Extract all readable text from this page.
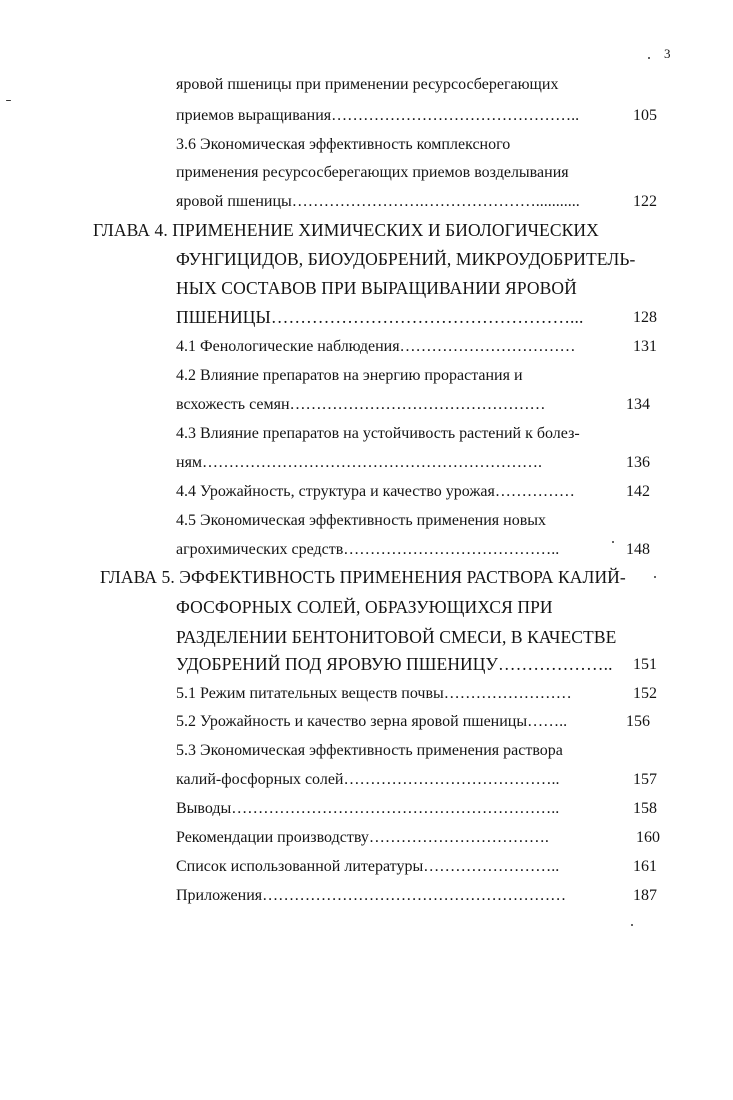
3
яровой пшеницы при применении ресурсосберегающих
приемов выращивания………………………………………..	105
3.6 Экономическая эффективность комплексного
применения ресурсосберегающих приемов возделывания
яровой пшеницы…………………….…………………...........	122
ГЛАВА 4. ПРИМЕНЕНИЕ ХИМИЧЕСКИХ И БИОЛОГИЧЕСКИХ
ФУНГИЦИДОВ, БИОУДОБРЕНИЙ, МИКРОУДОБРИТЕЛЬ-
НЫХ СОСТАВОВ ПРИ ВЫРАЩИВАНИИ ЯРОВОЙ
ПШЕНИЦЫ……………………………………………...	128
4.1 Фенологические наблюдения……………………………	131
4.2 Влияние препаратов на энергию прорастания и
всхожесть семян…………………………………………	134
4.3 Влияние препаратов на устойчивость растений к болез-
ням……………………………………………………….	136
4.4 Урожайность, структура и качество урожая……………	142
4.5 Экономическая эффективность применения новых
агрохимических средств…………………………………..	148
ГЛАВА 5. ЭФФЕКТИВНОСТЬ ПРИМЕНЕНИЯ РАСТВОРА КАЛИЙ-
ФОСФОРНЫХ СОЛЕЙ, ОБРАЗУЮЩИХСЯ ПРИ
РАЗДЕЛЕНИИ БЕНТОНИТОВОЙ СМЕСИ, В КАЧЕСТВЕ
УДОБРЕНИЙ ПОД ЯРОВУЮ ПШЕНИЦУ……………….. 151
5.1 Режим питательных веществ почвы……………………	152
5.2 Урожайность и качество зерна яровой пшеницы……..	156
5.3 Экономическая эффективность применения раствора
калий-фосфорных солей…………………………………..	157
Выводы……………………………………………………..	158
Рекомендации производству…………………………….	160
Список использованной литературы……………………..	161
Приложения…………………………………………………	187
